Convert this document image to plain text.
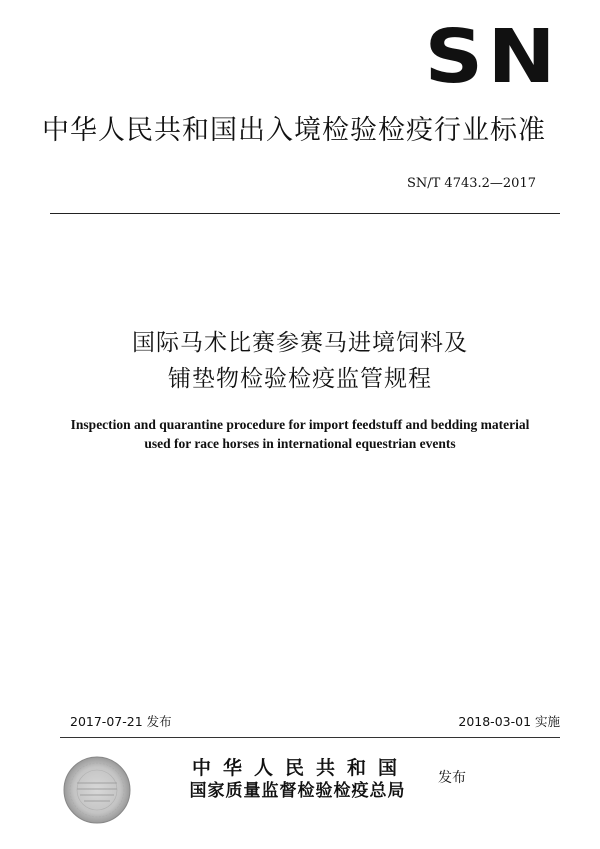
SN
中华人民共和国出入境检验检疫行业标准
SN/T 4743.2—2017
国际马术比赛参赛马进境饲料及
铺垫物检验检疫监管规程
Inspection and quarantine procedure for import feedstuff and bedding material
used for race horses in international equestrian events
2017-07-21 发布	2018-03-01 实施
中华人民共和国
国家质量监督检验检疫总局
发布
